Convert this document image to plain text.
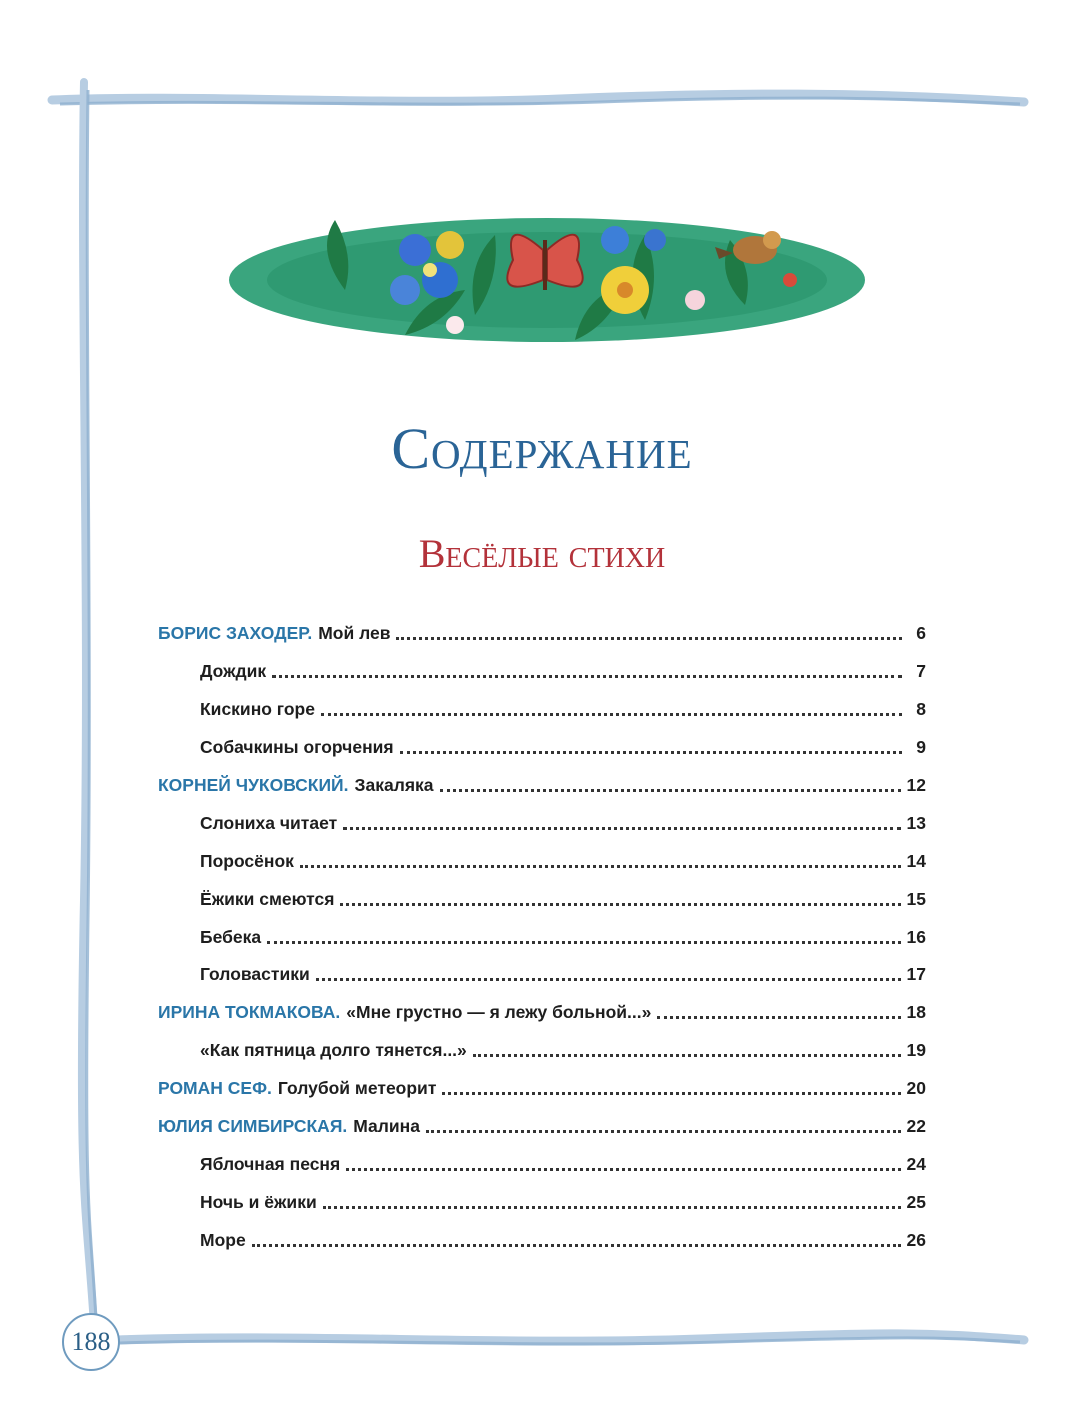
Содержание
Весёлые стихи
БОРИС ЗАХОДЕР. Мой лев	6
Дождик	7
Кискино горе	8
Собачкины огорчения	9
КОРНЕЙ ЧУКОВСКИЙ. Закаляка	12
Слониха читает	13
Поросёнок	14
Ёжики смеются	15
Бебека	16
Головастики	17
ИРИНА ТОКМАКОВА. «Мне грустно — я лежу больной...»	18
«Как пятница долго тянется...»	19
РОМАН СЕФ. Голубой метеорит	20
ЮЛИЯ СИМБИРСКАЯ. Малина	22
Яблочная песня	24
Ночь и ёжики	25
Море	26
188
